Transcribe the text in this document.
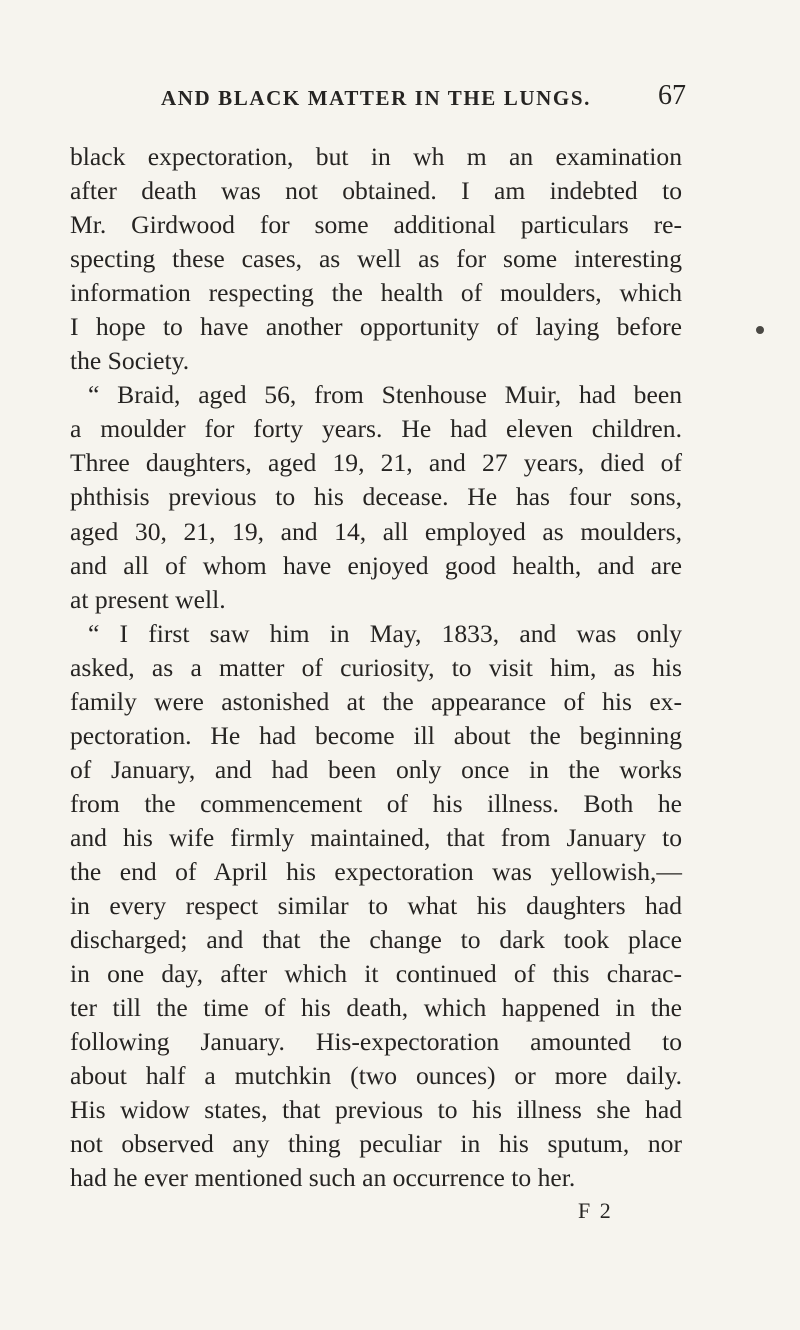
AND BLACK MATTER IN THE LUNGS.	67
black expectoration, but in wh m an examination
after death was not obtained. I am indebted to
Mr. Girdwood for some additional particulars re-
specting these cases, as well as for some interesting
information respecting the health of moulders, which
I hope to have another opportunity of laying before
the Society.
“ Braid, aged 56, from Stenhouse Muir, had been
a moulder for forty years. He had eleven children.
Three daughters, aged 19, 21, and 27 years, died of
phthisis previous to his decease. He has four sons,
aged 30, 21, 19, and 14, all employed as moulders,
and all of whom have enjoyed good health, and are
at present well.
“ I first saw him in May, 1833, and was only
asked, as a matter of curiosity, to visit him, as his
family were astonished at the appearance of his ex-
pectoration. He had become ill about the beginning
of January, and had been only once in the works
from the commencement of his illness. Both he
and his wife firmly maintained, that from January to
the end of April his expectoration was yellowish,—
in every respect similar to what his daughters had
discharged; and that the change to dark took place
in one day, after which it continued of this charac-
ter till the time of his death, which happened in the
following January. His-expectoration amounted to
about half a mutchkin (two ounces) or more daily.
His widow states, that previous to his illness she had
not observed any thing peculiar in his sputum, nor
had he ever mentioned such an occurrence to her.
F 2
